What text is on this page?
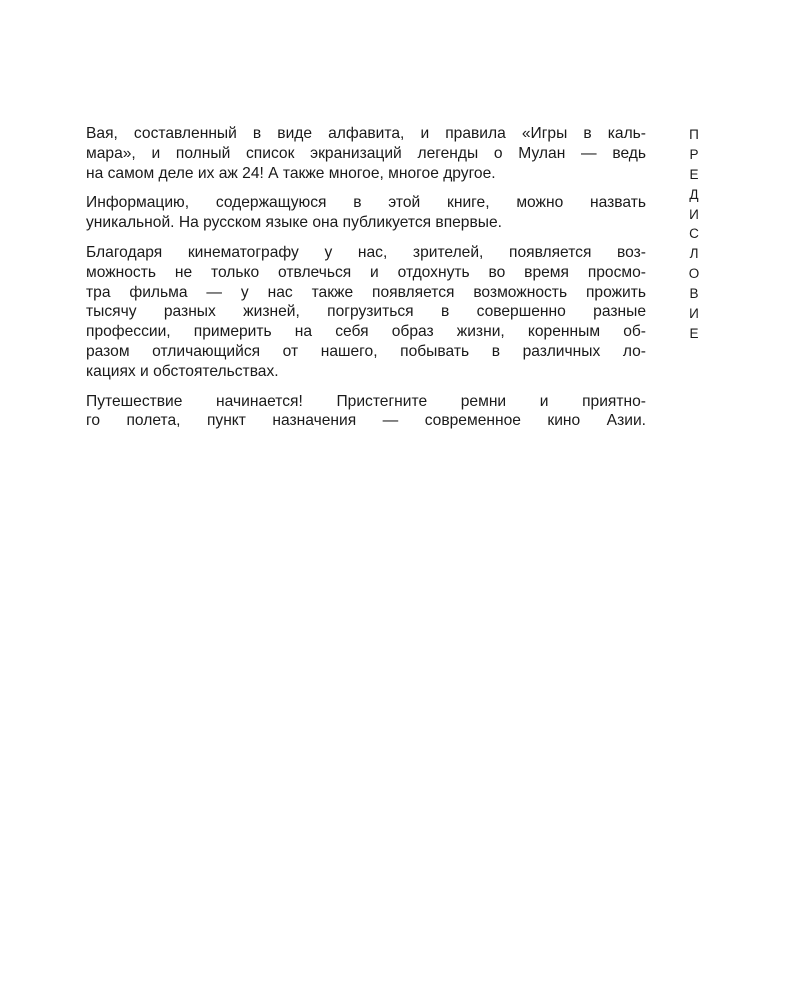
Вая, составленный в виде алфавита, и правила «Игры в каль-
мара», и полный список экранизаций легенды о Мулан — ведь
на самом деле их аж 24! А также многое, многое другое.

Информацию, содержащуюся в этой книге, можно назвать
уникальной. На русском языке она публикуется впервые.

Благодаря кинематографу у нас, зрителей, появляется воз-
можность не только отвлечься и отдохнуть во время просмо-
тра фильма — у нас также появляется возможность прожить
тысячу разных жизней, погрузиться в совершенно разные
профессии, примерить на себя образ жизни, коренным об-
разом отличающийся от нашего, побывать в различных ло-
кациях и обстоятельствах.

Путешествие начинается! Пристегните ремни и приятно-
го полета, пункт назначения — современное кино Азии.

П
Р
Е
Д
И
С
Л
О
В
И
Е
